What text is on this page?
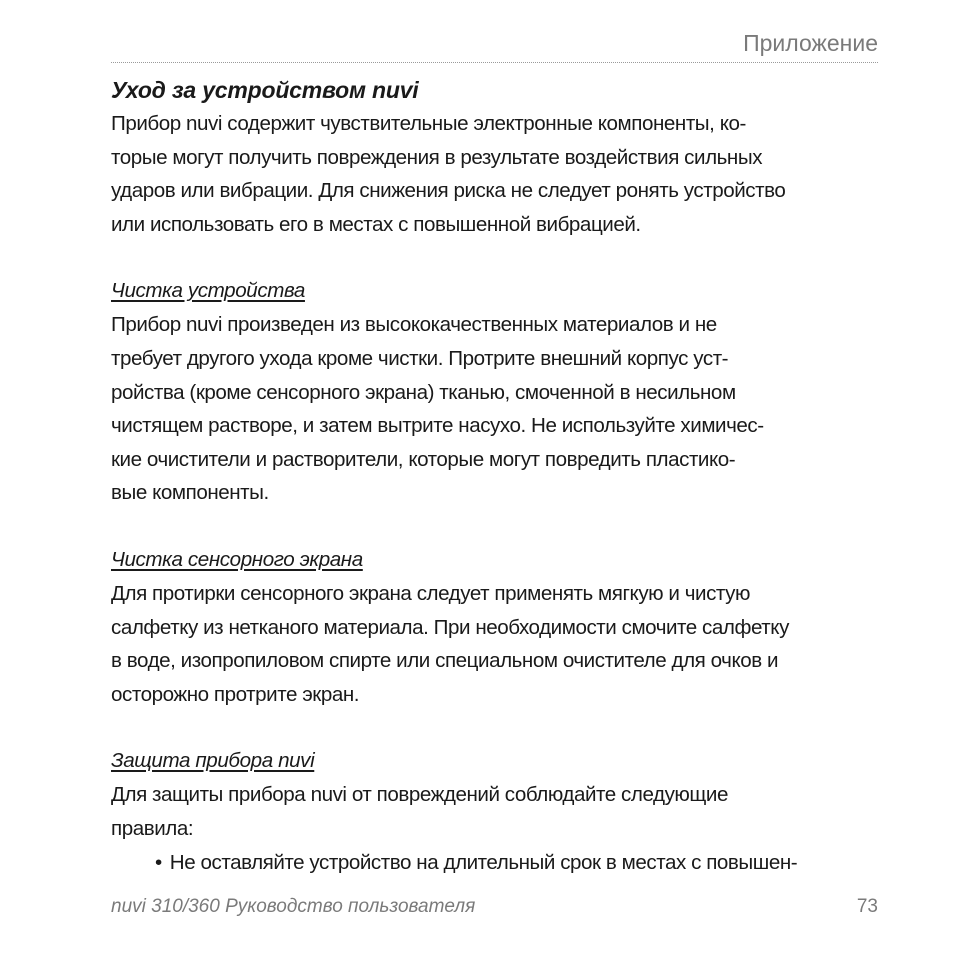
Приложение
Уход за устройством nuvi

Прибор nuvi содержит чувствительные электронные компоненты, ко-
торые могут получить повреждения в результате воздействия сильных
ударов или вибрации. Для снижения риска не следует ронять устройство
или использовать его в местах с повышенной вибрацией.

Чистка устройства

Прибор nuvi произведен из высококачественных материалов и не
требует другого ухода кроме чистки. Протрите внешний корпус уст-
ройства (кроме сенсорного экрана) тканью, смоченной в несильном
чистящем растворе, и затем вытрите насухо. Не используйте химичес-
кие очистители и растворители, которые могут повредить пластико-
вые компоненты.

Чистка сенсорного экрана

Для протирки сенсорного экрана следует применять мягкую и чистую
салфетку из нетканого материала. При необходимости смочите салфетку
в воде, изопропиловом спирте или специальном очистителе для очков и
осторожно протрите экран.

Защита прибора nuvi

Для защиты прибора nuvi от повреждений соблюдайте следующие
правила:

• Не оставляйте устройство на длительный срок в местах с повышен-
nuvi 310/360 Руководство пользователя	73
